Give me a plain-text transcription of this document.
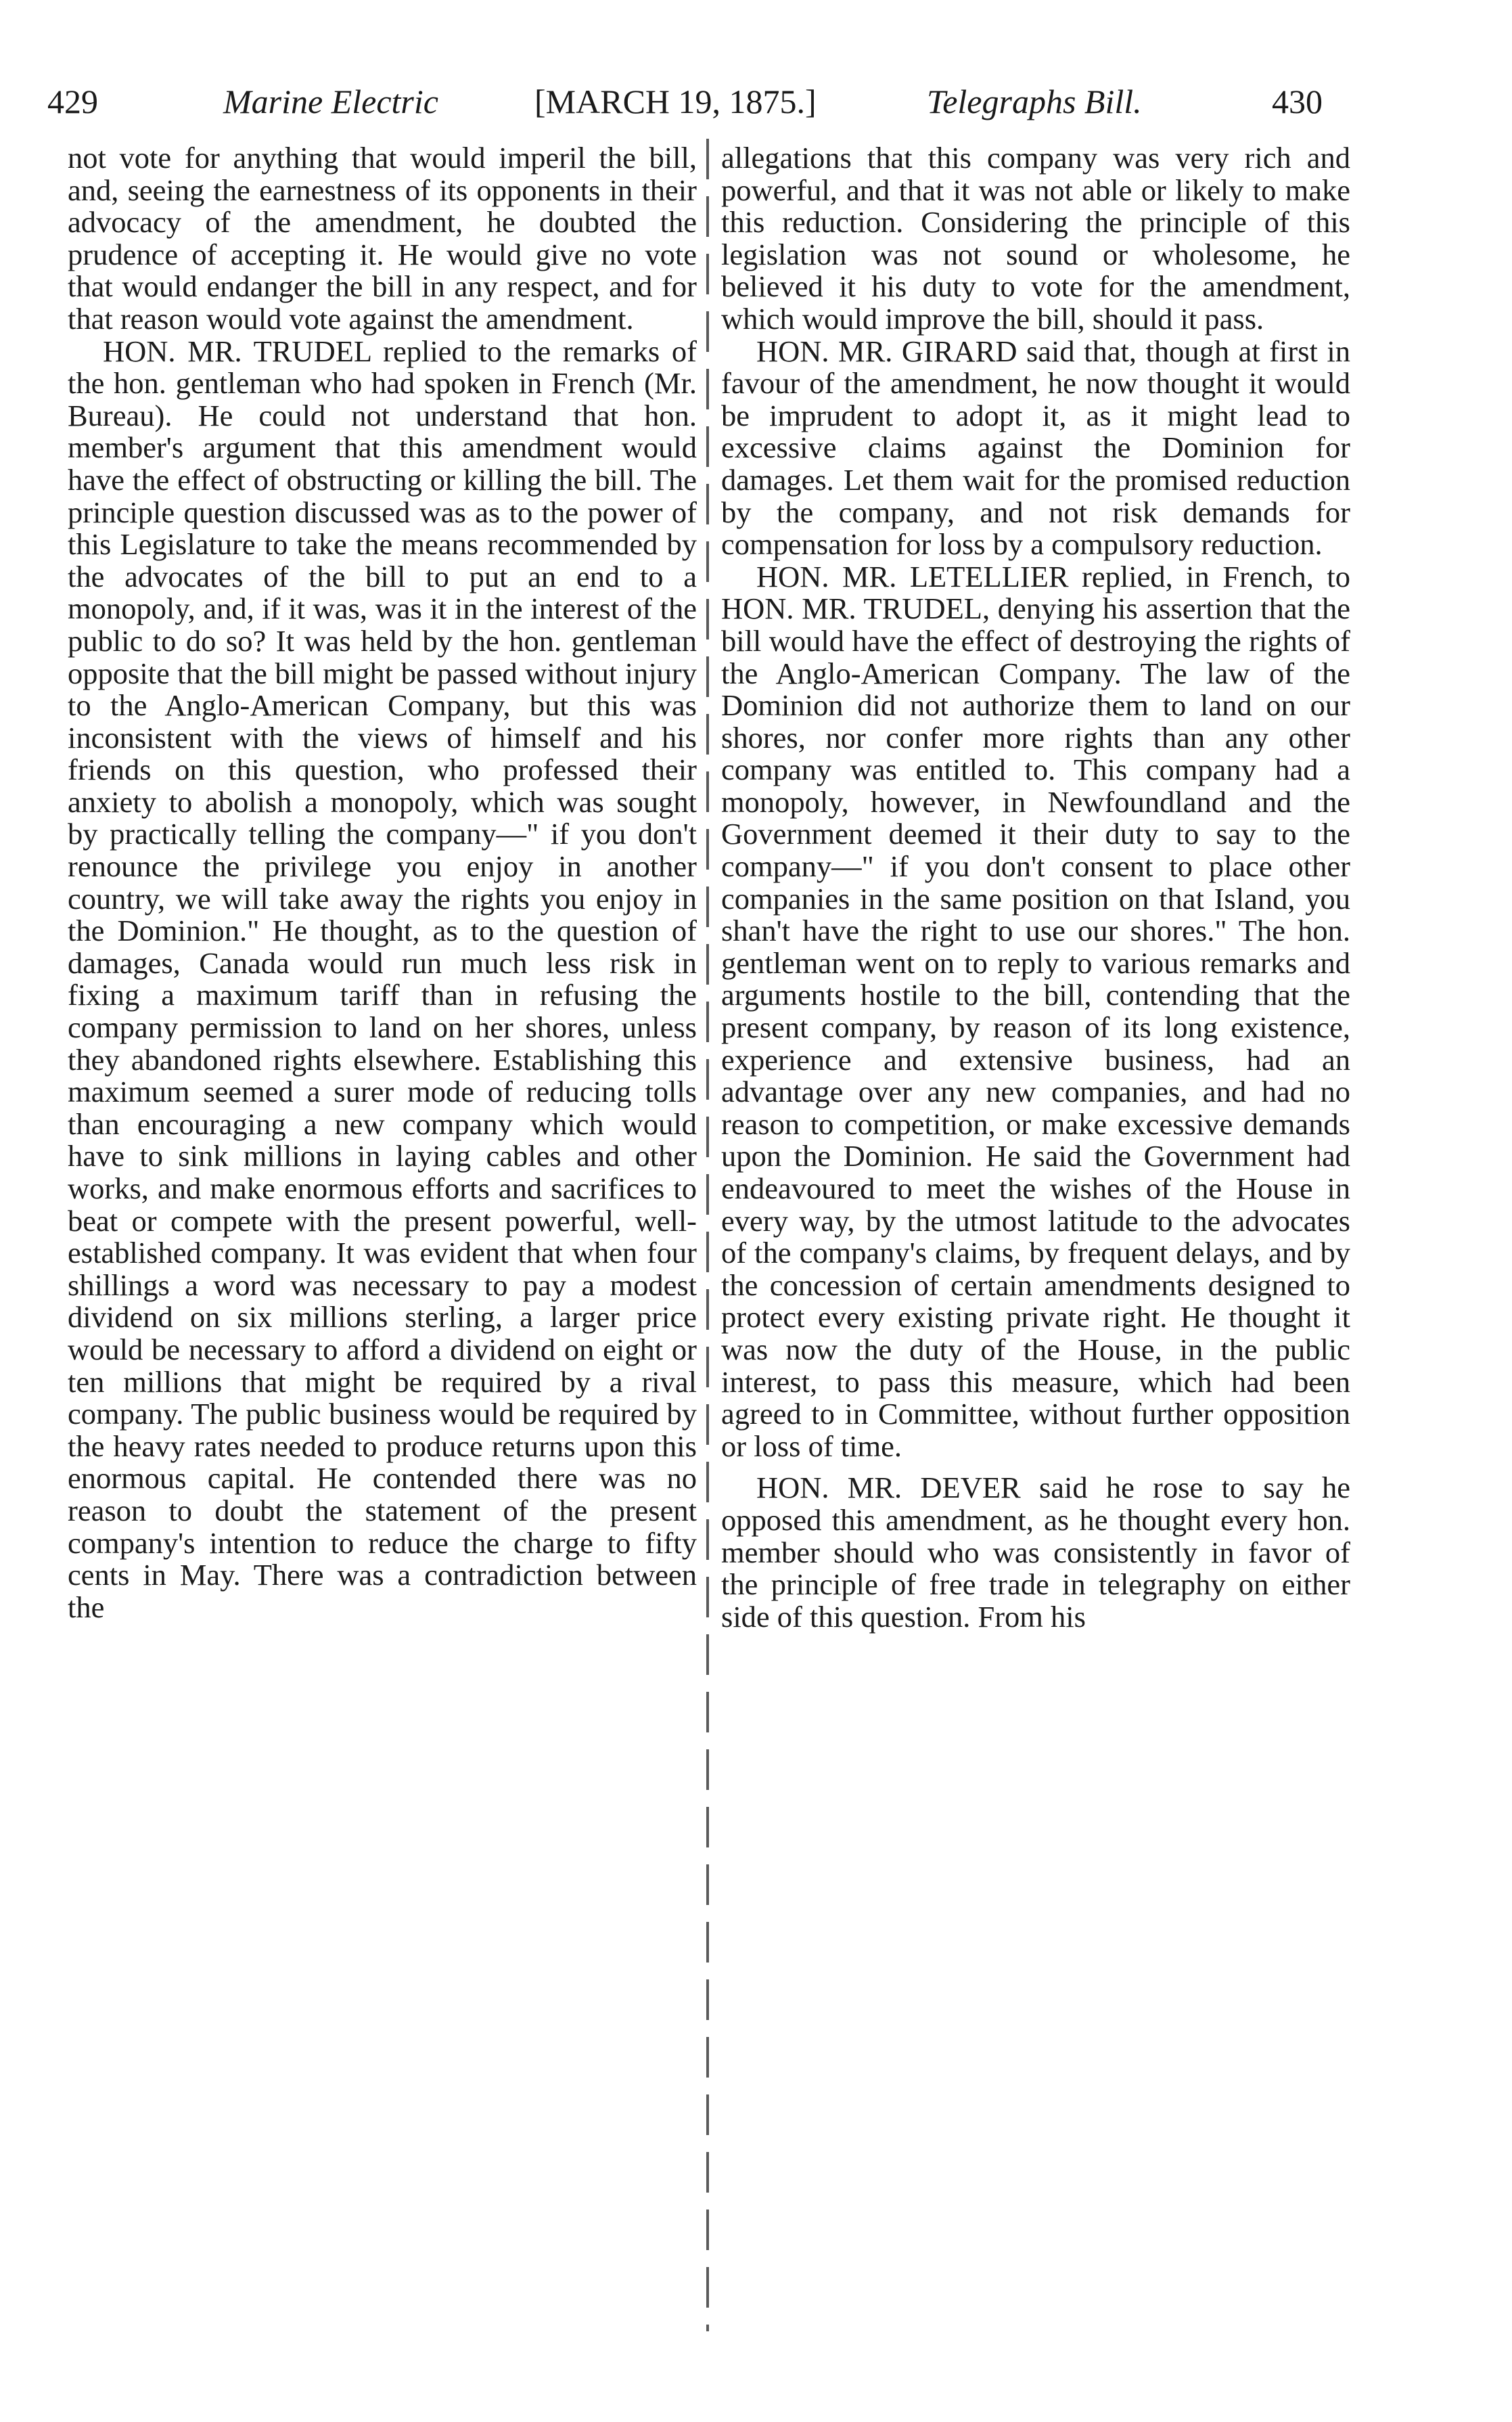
429	Marine Electric	[MARCH 19, 1875.]	Telegraphs Bill.	430

not vote for anything that would imperil the bill, and, seeing the earnestness of its opponents in their advocacy of the amendment, he doubted the prudence of accepting it. He would give no vote that would endanger the bill in any respect, and for that reason would vote against the amendment.

HON. MR. TRUDEL replied to the remarks of the hon. gentleman who had spoken in French (Mr. Bureau). He could not understand that hon. member's argument that this amendment would have the effect of obstructing or killing the bill. The principle question discussed was as to the power of this Legislature to take the means recommended by the advocates of the bill to put an end to a monopoly, and, if it was, was it in the interest of the public to do so? It was held by the hon. gentleman opposite that the bill might be passed without injury to the Anglo-American Company, but this was inconsistent with the views of himself and his friends on this question, who professed their anxiety to abolish a monopoly, which was sought by practically telling the company—" if you don't renounce the privilege you enjoy in another country, we will take away the rights you enjoy in the Dominion." He thought, as to the question of damages, Canada would run much less risk in fixing a maximum tariff than in refusing the company permission to land on her shores, unless they abandoned rights elsewhere. Establishing this maximum seemed a surer mode of reducing tolls than encouraging a new company which would have to sink millions in laying cables and other works, and make enormous efforts and sacrifices to beat or compete with the present powerful, well-established company. It was evident that when four shillings a word was necessary to pay a modest dividend on six millions sterling, a larger price would be necessary to afford a dividend on eight or ten millions that might be required by a rival company. The public business would be required by the heavy rates needed to produce returns upon this enormous capital. He contended there was no reason to doubt the statement of the present company's intention to reduce the charge to fifty cents in May. There was a contradiction between the

allegations that this company was very rich and powerful, and that it was not able or likely to make this reduction. Considering the principle of this legislation was not sound or wholesome, he believed it his duty to vote for the amendment, which would improve the bill, should it pass.

HON. MR. GIRARD said that, though at first in favour of the amendment, he now thought it would be imprudent to adopt it, as it might lead to excessive claims against the Dominion for damages. Let them wait for the promised reduction by the company, and not risk demands for compensation for loss by a compulsory reduction.

HON. MR. LETELLIER replied, in French, to HON. MR. TRUDEL, denying his assertion that the bill would have the effect of destroying the rights of the Anglo-American Company. The law of the Dominion did not authorize them to land on our shores, nor confer more rights than any other company was entitled to. This company had a monopoly, however, in Newfoundland and the Government deemed it their duty to say to the company—" if you don't consent to place other companies in the same position on that Island, you shan't have the right to use our shores." The hon. gentleman went on to reply to various remarks and arguments hostile to the bill, contending that the present company, by reason of its long existence, experience and extensive business, had an advantage over any new companies, and had no reason to competition, or make excessive demands upon the Dominion. He said the Government had endeavoured to meet the wishes of the House in every way, by the utmost latitude to the advocates of the company's claims, by frequent delays, and by the concession of certain amendments designed to protect every existing private right. He thought it was now the duty of the House, in the public interest, to pass this measure, which had been agreed to in Committee, without further opposition or loss of time.

HON. MR. DEVER said he rose to say he opposed this amendment, as he thought every hon. member should who was consistently in favor of the principle of free trade in telegraphy on either side of this question. From his
